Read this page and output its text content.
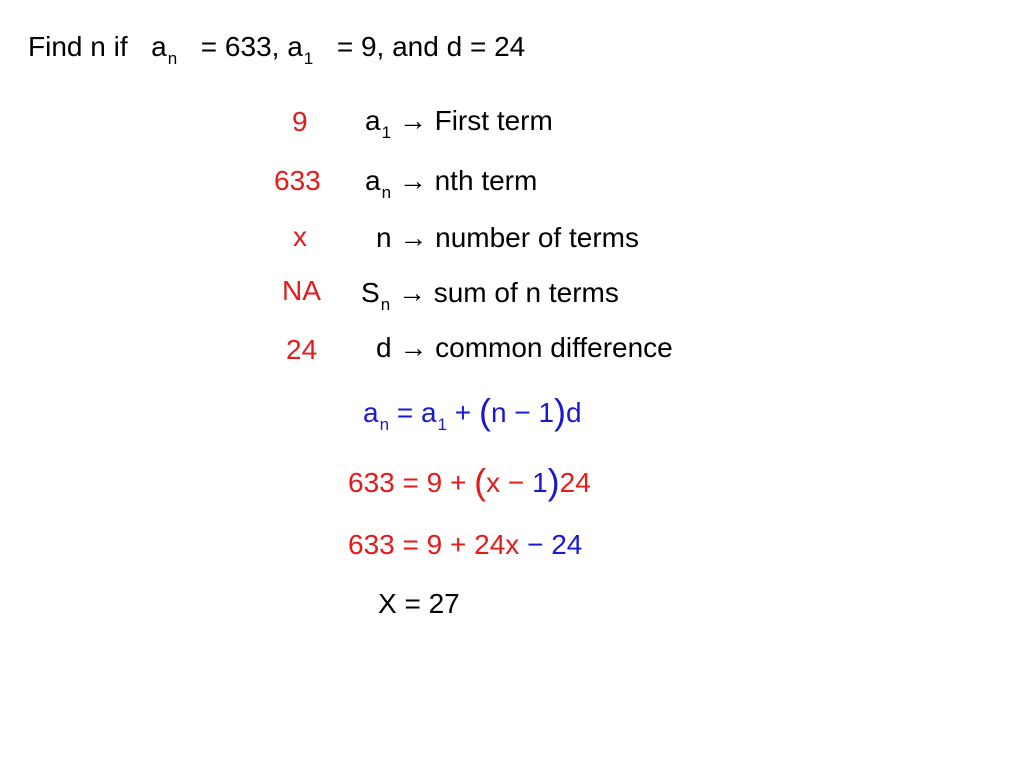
Find n if $a_n = 633$, $a_1 = 9$, and d = 24
9
633
x
NA
24
$a_1$ → First term
$a_n$ → nth term
n → number of terms
$S_n$ → sum of n terms
d → common difference
$a_n = a_1 + (n - 1)d$
633 = 9 + (x − 1)24
633 = 9 + 24x − 24
X = 27
